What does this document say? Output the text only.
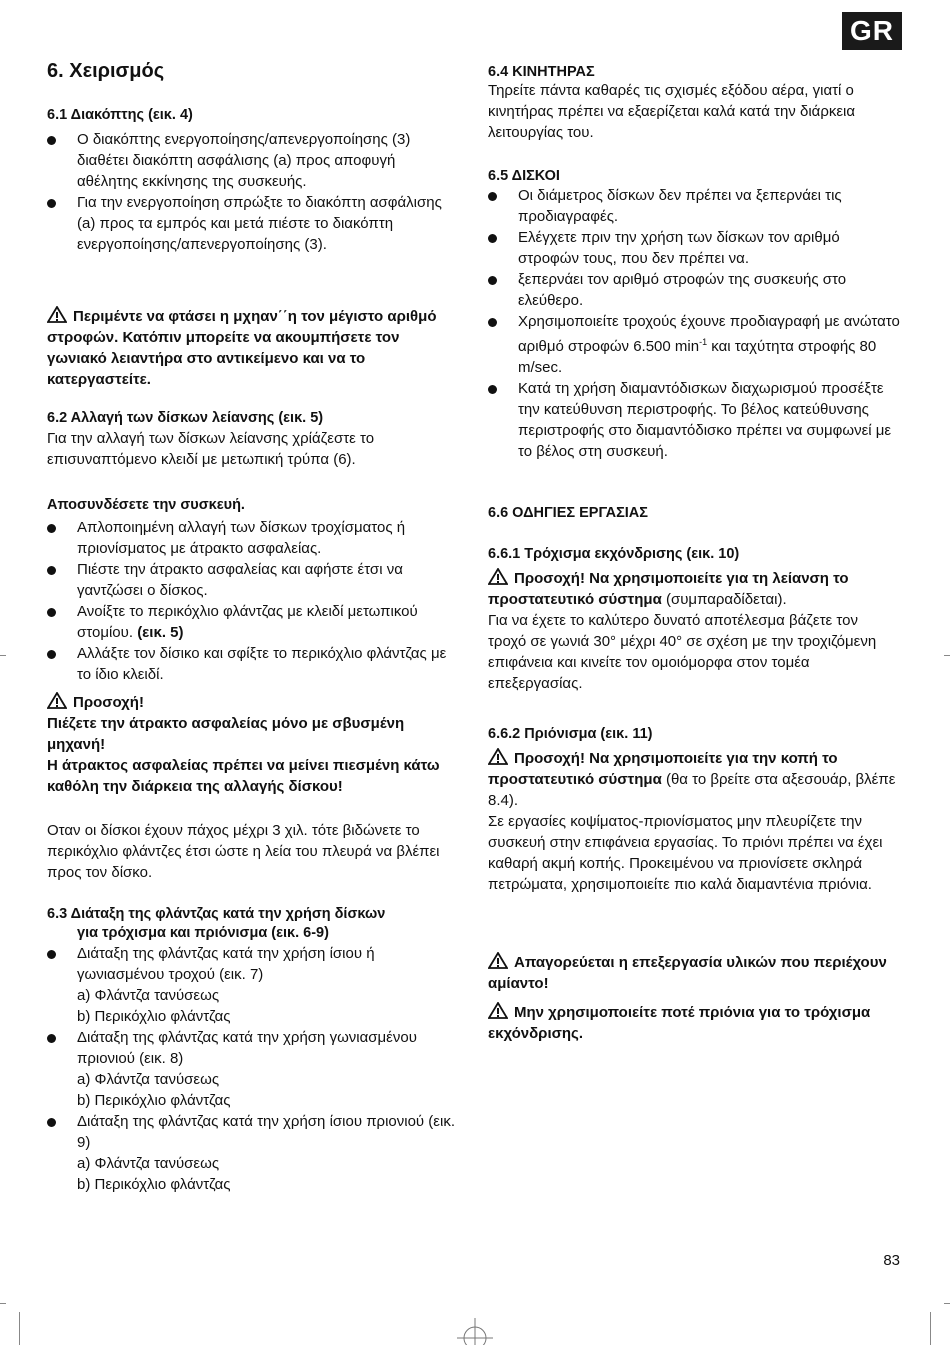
GR
6. Χειρισμός
6.1 Διακόπτης (εικ. 4)
Ο διακόπτης ενεργοποίησης/απενεργοποίησης (3) διαθέτει διακόπτη ασφάλισης (a) προς αποφυγή αθέλητης εκκίνησης της συσκευής.
Για την ενεργοποίηση σπρώξτε το διακόπτη ασφάλισης (a) προς τα εμπρός και μετά πιέστε το διακόπτη ενεργοποίησης/απενεργοποίησης (3).
Περιμέντε να φτάσει η μχηαν΄΄η τον μέγιστο αριθμό στροφών. Κατόπιν μπορείτε να ακουμπήσετε τον γωνιακό λειαντήρα στο αντικείμενο και να το κατεργαστείτε.
6.2 Αλλαγή των δίσκων λείανσης (εικ. 5)
Για την αλλαγή των δίσκων λείανσης χρίάζεστε το επισυναπτόμενο κλειδί με μετωπική τρύπα (6).
Αποσυνδέσετε την συσκευή.
Απλοποιημένη αλλαγή των δίσκων τροχίσματος ή πριονίσματος με άτρακτο ασφαλείας.
Πιέστε την άτρακτο ασφαλείας και αφήστε έτσι να γαντζώσει ο δίσκος.
Ανοίξτε το περικόχλιο φλάντζας με κλειδί μετωπικού στομίου. (εικ. 5)
Αλλάξτε τον δίσικο και σφίξτε το περικόχλιο φλάντζας με το ίδιο κλειδί.
Προσοχή!
Πιέζετε την άτρακτο ασφαλείας μόνο με σβυσμένη μηχανή!
Η άτρακτος ασφαλείας πρέπει να μείνει πιεσμένη κάτω καθόλη την διάρκεια της αλλαγής δίσκου!
Οταν οι δίσκοι έχουν πάχος μέχρι 3 χιλ. τότε βιδώνετε το περικόχλιο φλάντζες έτσι ώστε η λεία του πλευρά να βλέπει προς τον δίσκο.
6.3 Διάταξη της φλάντζας κατά την χρήση δίσκων
για τρόχισμα και πριόνισμα (εικ. 6-9)
Διάταξη της φλάντζας κατά την χρήση ίσιου ή γωνιασμένου τροχού (εικ. 7)
a) Φλάντζα τανύσεως
b) Περικόχλιο φλάντζας
Διάταξη της φλάντζας κατά την χρήση γωνιασμένου πριονιού (εικ. 8)
a) Φλάντζα τανύσεως
b) Περικόχλιο φλάντζας
Διάταξη της φλάντζας κατά την χρήση ίσιου πριονιού (εικ. 9)
a) Φλάντζα τανύσεως
b) Περικόχλιο φλάντζας
6.4 ΚΙΝΗΤΗΡΑΣ
Τηρείτε πάντα καθαρές τις σχισμές εξόδου αέρα, γιατί ο κινητήρας πρέπει να εξαερίζεται καλά κατά την διάρκεια λειτουργίας του.
6.5 ΔΙΣΚΟΙ
Οι διάμετρος δίσκων δεν πρέπει να ξεπερνάει τις προδιαγραφές.
Ελέγχετε πριν την χρήση των δίσκων τον αριθμό στροφών τους, που δεν πρέπει να.
ξεπερνάει τον αριθμό στροφών της συσκευής στο ελεύθερο.
Χρησιμοποιείτε τροχούς έχουνε προδιαγραφή με ανώτατο αριθμό στροφών 6.500 $\min^{-1} \kappa\alpha\iota$ ταχύτητα στροφής 80 m/sec.
Κατά τη χρήση διαμαντόδισκων διαχωρισμού προσέξτε την κατεύθυνση περιστροφής. Το βέλος κατεύθυνσης περιστροφής στο διαμαντόδισκο πρέπει να συμφωνεί με το βέλος στη συσκευή.
6.6 ΟΔΗΓΙΕΣ ΕΡΓΑΣΙΑΣ
6.6.1 Τρόχισμα εκχόνδρισης (εικ. 10)
Προσοχή! Να χρησιμοποιείτε για τη λείανση το προστατευτικό σύστημα (συμπαραδίδεται).
Για να έχετε το καλύτερο δυνατό αποτέλεσμα βάζετε τον τροχό σε γωνιά 30° μέχρι 40° σε σχέση με την τροχιζόμενη επιφάνεια και κινείτε τον ομοιόμορφα στον τομέα επεξεργασίας.
6.6.2 Πριόνισμα (εικ. 11)
Προσοχή! Να χρησιμοποιείτε για την κοπή το προστατευτικό σύστημα (θα το βρείτε στα αξεσουάρ, βλέπε 8.4).
Σε εργασίες κοψίματος-πριονίσματος μην πλευρίζετε την συσκευή στην επιφάνεια εργασίας. Το πριόνι πρέπει να έχει καθαρή ακμή κοπής. Προκειμένου να πριονίσετε σκληρά πετρώματα, χρησιμοποιείτε πιο καλά διαμαντένια πριόνια.
Απαγορεύεται η επεξεργασία υλικών που περιέχουν αμίαντο!
Μην χρησιμοποιείτε ποτέ πριόνια για το τρόχισμα εκχόνδρισης.
83
